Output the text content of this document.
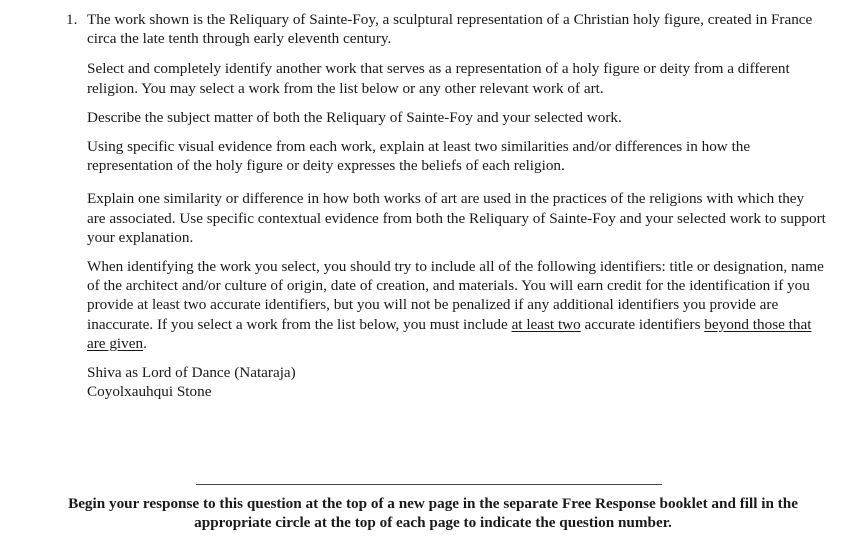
1. The work shown is the Reliquary of Sainte-Foy, a sculptural representation of a Christian holy figure, created in France circa the late tenth through early eleventh century.

Select and completely identify another work that serves as a representation of a holy figure or deity from a different religion. You may select a work from the list below or any other relevant work of art.

Describe the subject matter of both the Reliquary of Sainte-Foy and your selected work.

Using specific visual evidence from each work, explain at least two similarities and/or differences in how the representation of the holy figure or deity expresses the beliefs of each religion.

Explain one similarity or difference in how both works of art are used in the practices of the religions with which they are associated. Use specific contextual evidence from both the Reliquary of Sainte-Foy and your selected work to support your explanation.

When identifying the work you select, you should try to include all of the following identifiers: title or designation, name of the architect and/or culture of origin, date of creation, and materials. You will earn credit for the identification if you provide at least two accurate identifiers, but you will not be penalized if any additional identifiers you provide are inaccurate. If you select a work from the list below, you must include at least two accurate identifiers beyond those that are given.

Shiva as Lord of Dance (Nataraja)
Coyolxauhqui Stone
Begin your response to this question at the top of a new page in the separate Free Response booklet and fill in the appropriate circle at the top of each page to indicate the question number.
